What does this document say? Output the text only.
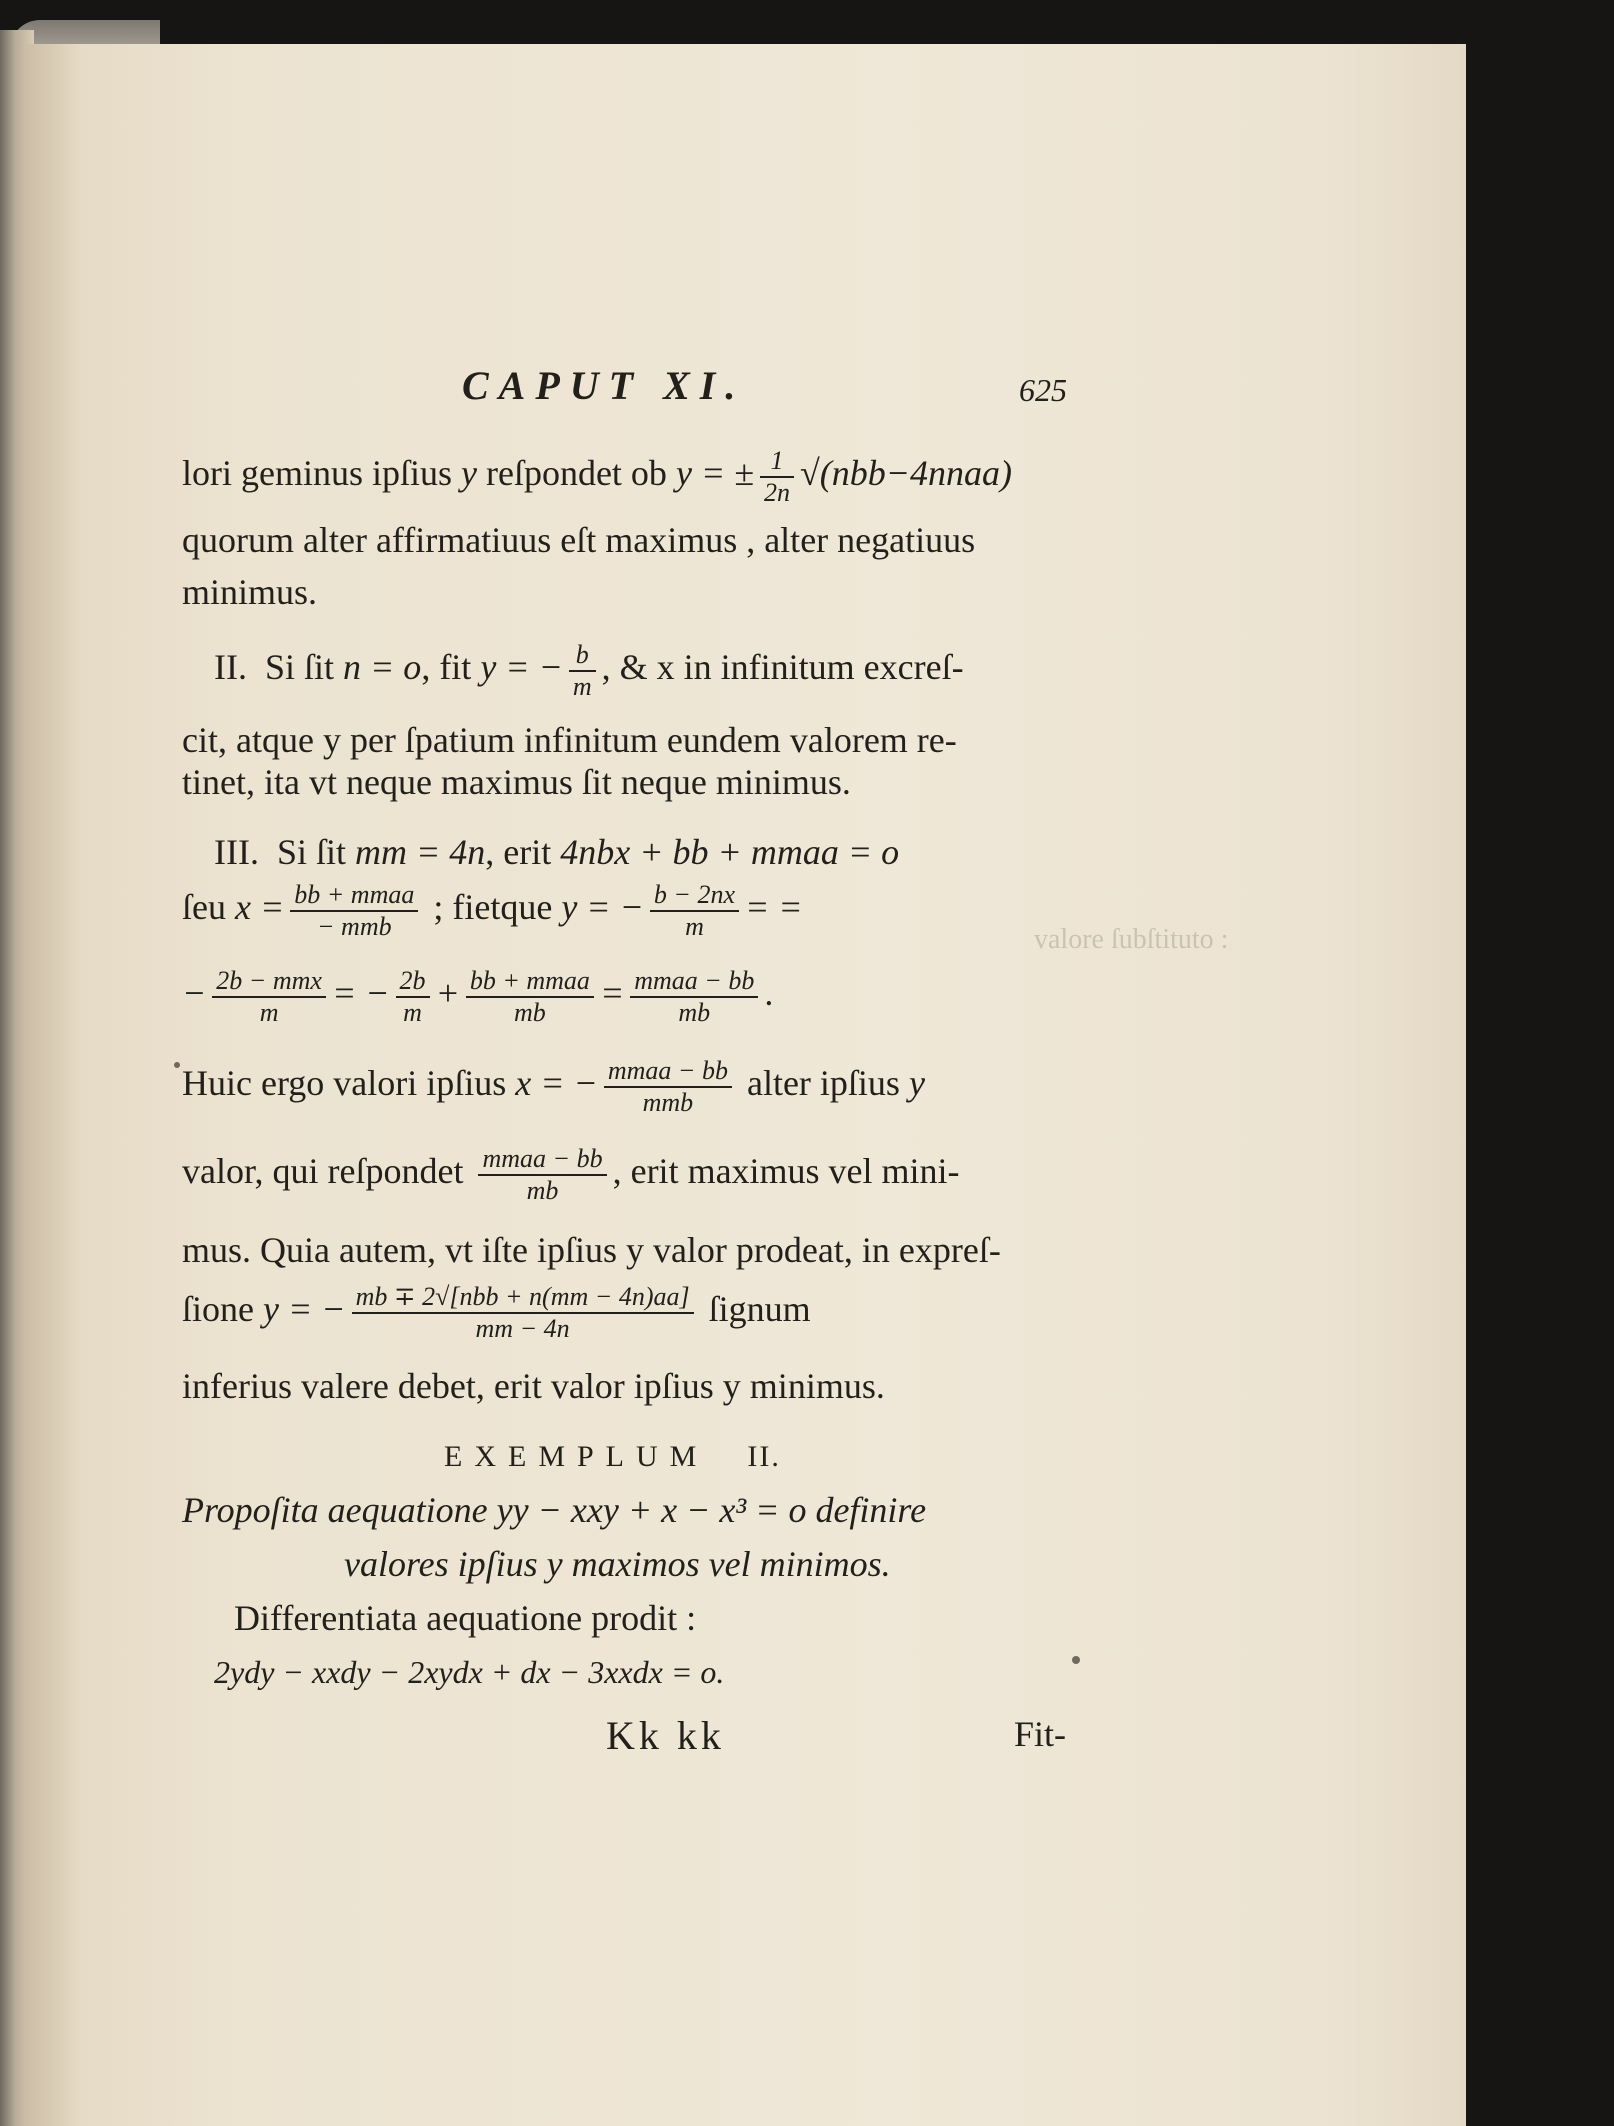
valore ſubſtituto :
CAPUT XI.	625
lori geminus ipſius y reſpondet ob y = ± $\frac{1}{2n}$ √(nbb−4nnaa)
quorum alter affirmatiuus eſt maximus , alter negatiuus
minimus.
II. Si ſit n = o, fit y = − $\frac{b}{m}$ , & x in infinitum excreſ-
cit, atque y per ſpatium infinitum eundem valorem re-
tinet, ita vt neque maximus ſit neque minimus.
III. Si ſit mm = 4n, erit 4nbx + bb + mmaa = o
ſeu $x = \frac{\text{bb + mmaa}}{\text{− mmb}}$ ; fietque y = − $\frac{b - 2nx}{m}$ = =
− $\frac{\text{2b − mmx}}{m}$ = − $\frac{2b}{m} + \frac{\text{bb + mmaa}}{mb} = \frac{\text{mmaa − bb}}{mb}$ .
Huic ergo valori ipſius x = − $\frac{\text{mmaa − bb}}{\text{mmb}}$ alter ipſius y
valor, qui reſpondet $\frac{\text{mmaa − bb}}{mb}$ , erit maximus vel mini-
mus. Quia autem, vt iſte ipſius y valor prodeat, in expreſ-
ſione y = − $\frac{\text{mb ∓ 2√[nbb + n(mm − 4n)aa]}}{mm - 4n}$ ſignum
inferius valere debet, erit valor ipſius y minimus.
EXEMPLUM II.
Propoſita aequatione yy − xxy + x − x³ = o definire
valores ipſius y maximos vel minimos.
Differentiata aequatione prodit :
2ydy − xxdy − 2xydx + dx − 3xxdx = o.
Kk kk	Fit-
